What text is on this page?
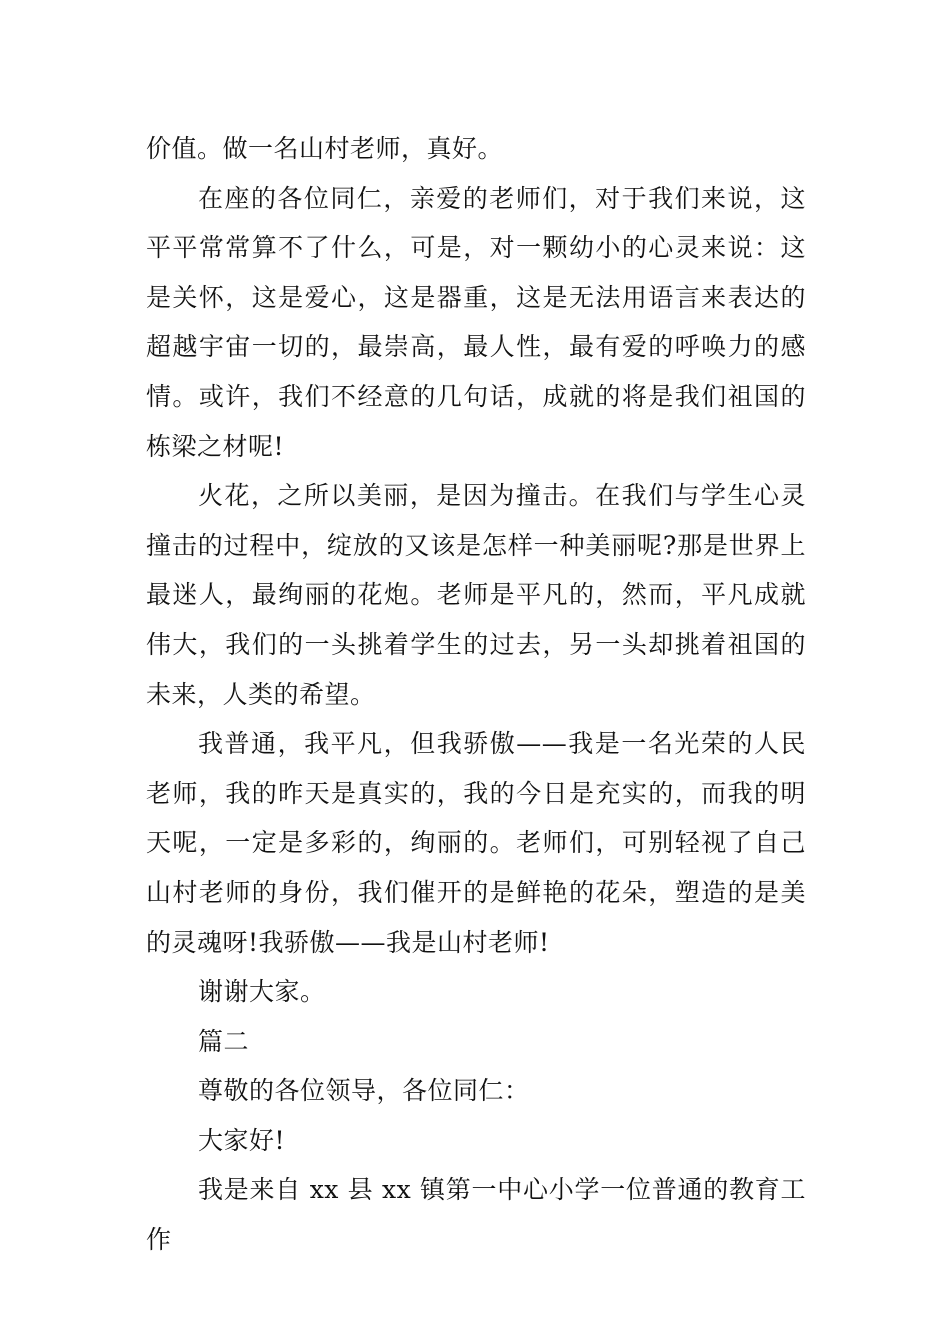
价值。做一名山村老师，真好。

在座的各位同仁，亲爱的老师们，对于我们来说，这平平常常算不了什么，可是，对一颗幼小的心灵来说：这是关怀，这是爱心，这是器重，这是无法用语言来表达的超越宇宙一切的，最崇高，最人性，最有爱的呼唤力的感情。或许，我们不经意的几句话，成就的将是我们祖国的栋梁之材呢!

火花，之所以美丽，是因为撞击。在我们与学生心灵撞击的过程中，绽放的又该是怎样一种美丽呢?那是世界上最迷人，最绚丽的花炮。老师是平凡的，然而，平凡成就伟大，我们的一头挑着学生的过去，另一头却挑着祖国的未来，人类的希望。

我普通，我平凡，但我骄傲——我是一名光荣的人民老师，我的昨天是真实的，我的今日是充实的，而我的明天呢，一定是多彩的，绚丽的。老师们，可别轻视了自己山村老师的身份，我们催开的是鲜艳的花朵，塑造的是美的灵魂呀!我骄傲——我是山村老师!

谢谢大家。

篇二

尊敬的各位领导，各位同仁：

大家好!

我是来自 xx 县 xx 镇第一中心小学一位普通的教育工作
